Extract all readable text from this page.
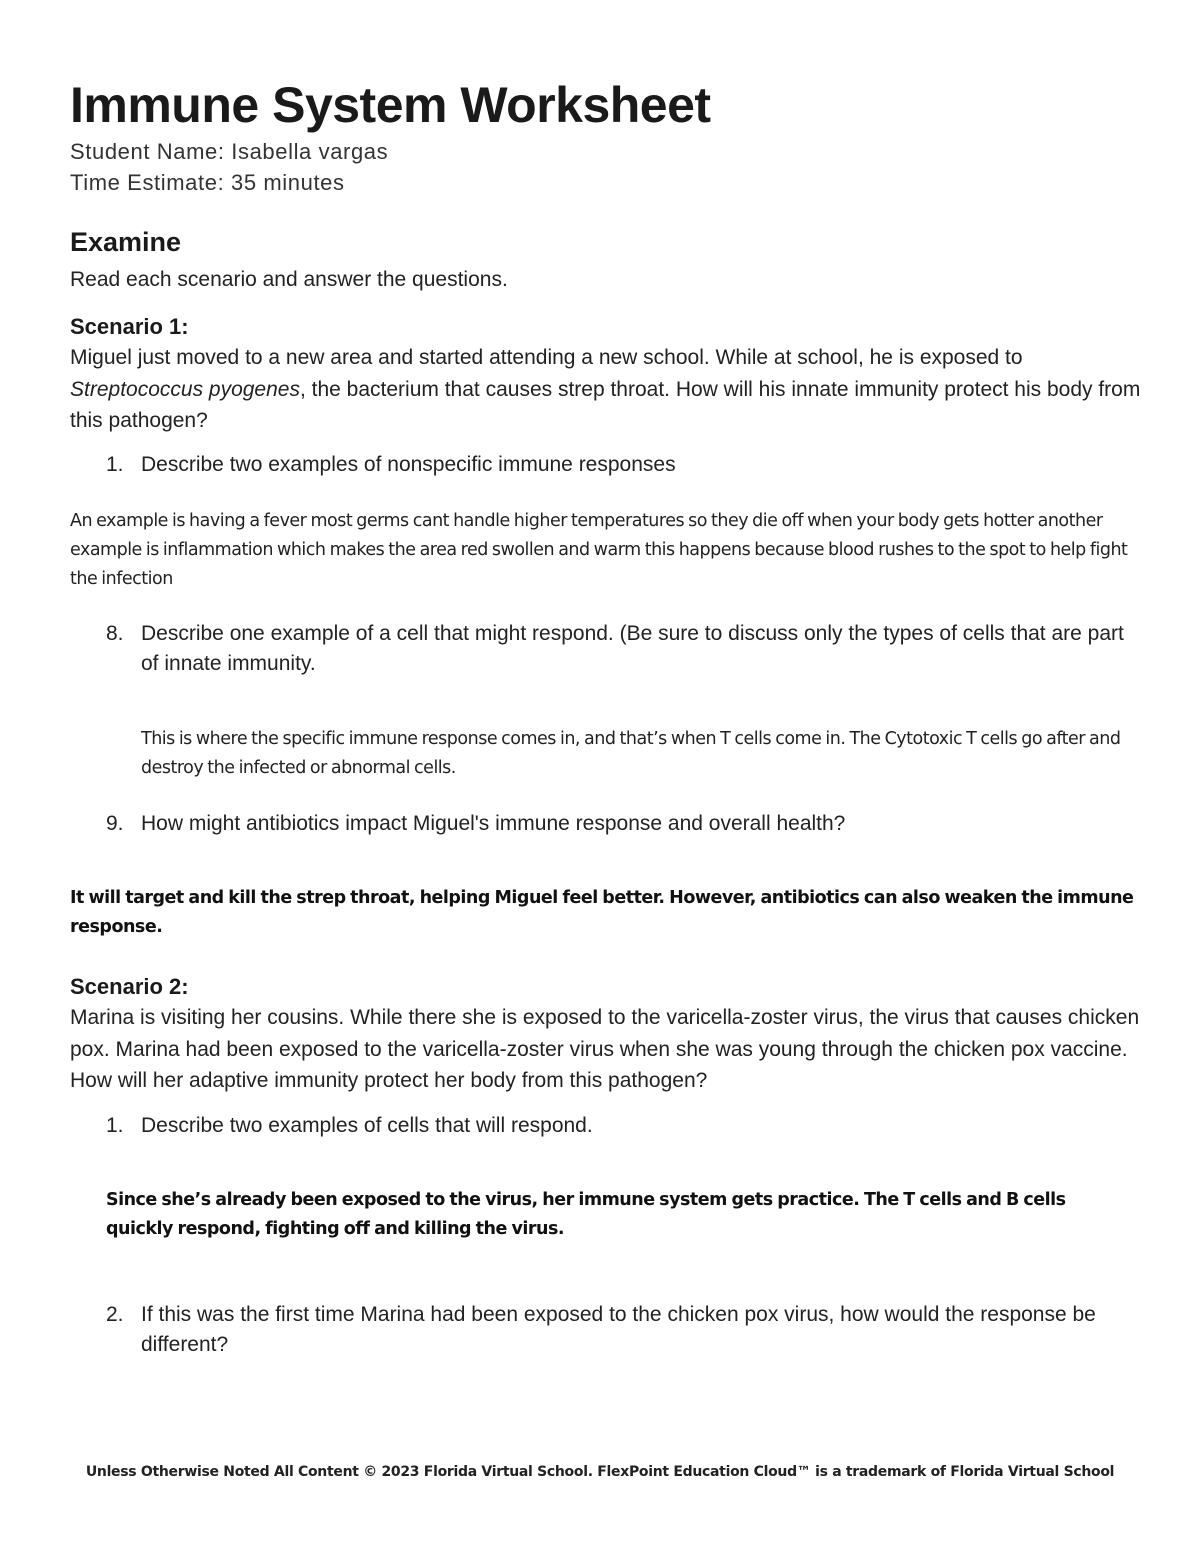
Immune System Worksheet

Student Name: Isabella vargas

Time Estimate: 35 minutes

Examine

Read each scenario and answer the questions.

Scenario 1:

Miguel just moved to a new area and started attending a new school. While at school, he is exposed to Streptococcus pyogenes, the bacterium that causes strep throat. How will his innate immunity protect his body from this pathogen?

1. Describe two examples of nonspecific immune responses

An example is having a fever most germs cant handle higher temperatures so they die off when your body gets hotter another example is inflammation which makes the area red swollen and warm this happens because blood rushes to the spot to help fight the infection

8. Describe one example of a cell that might respond. (Be sure to discuss only the types of cells that are part of innate immunity.

This is where the specific immune response comes in, and that’s when T cells come in. The Cytotoxic T cells go after and destroy the infected or abnormal cells.

9. How might antibiotics impact Miguel's immune response and overall health?

It will target and kill the strep throat, helping Miguel feel better. However, antibiotics can also weaken the immune response.

Scenario 2:

Marina is visiting her cousins. While there she is exposed to the varicella-zoster virus, the virus that causes chicken pox. Marina had been exposed to the varicella-zoster virus when she was young through the chicken pox vaccine. How will her adaptive immunity protect her body from this pathogen?

1. Describe two examples of cells that will respond.

Since she’s already been exposed to the virus, her immune system gets practice. The T cells and B cells quickly respond, fighting off and killing the virus.

2. If this was the first time Marina had been exposed to the chicken pox virus, how would the response be different?

Unless Otherwise Noted All Content © 2023 Florida Virtual School. FlexPoint Education Cloud™ is a trademark of Florida Virtual School
